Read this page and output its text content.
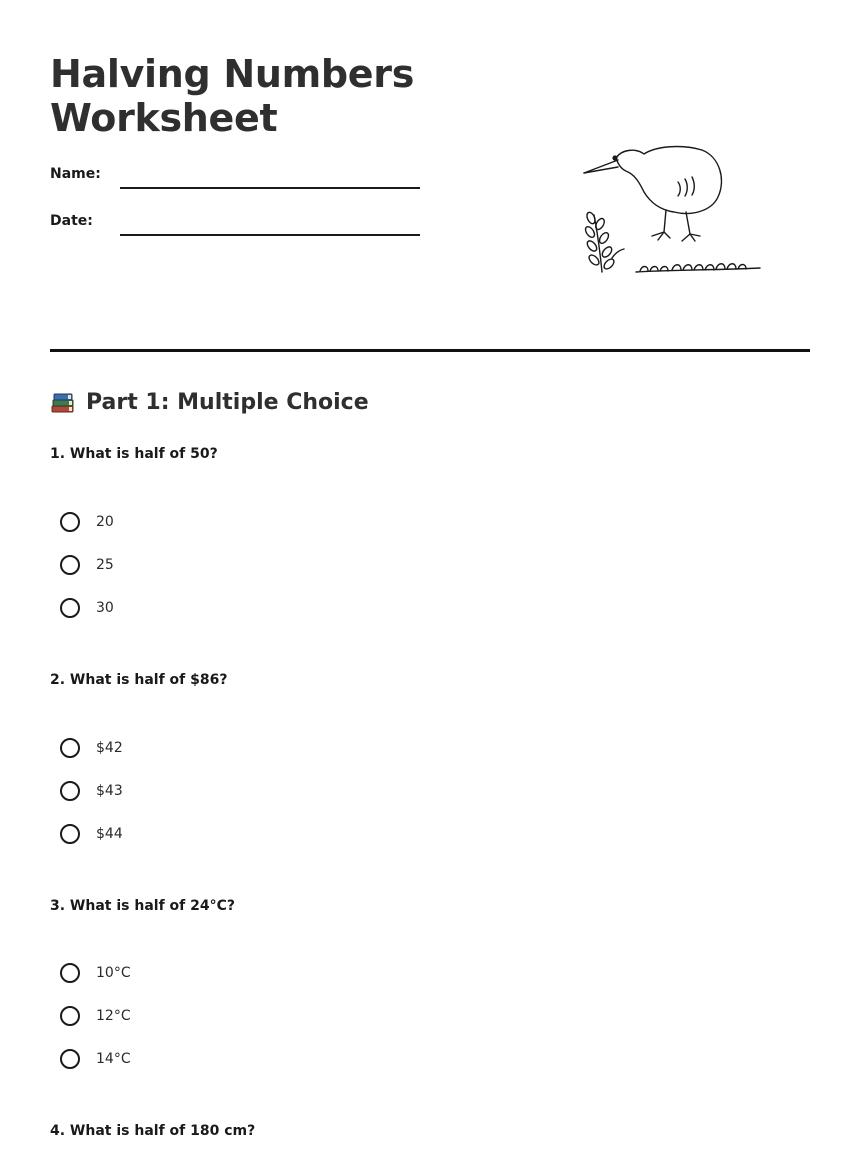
Halving Numbers
Worksheet
Name:
Date:
Part 1: Multiple Choice
1. What is half of 50?
20
25
30
2. What is half of $86?
$42
$43
$44
3. What is half of 24°C?
10°C
12°C
14°C
4. What is half of 180 cm?
